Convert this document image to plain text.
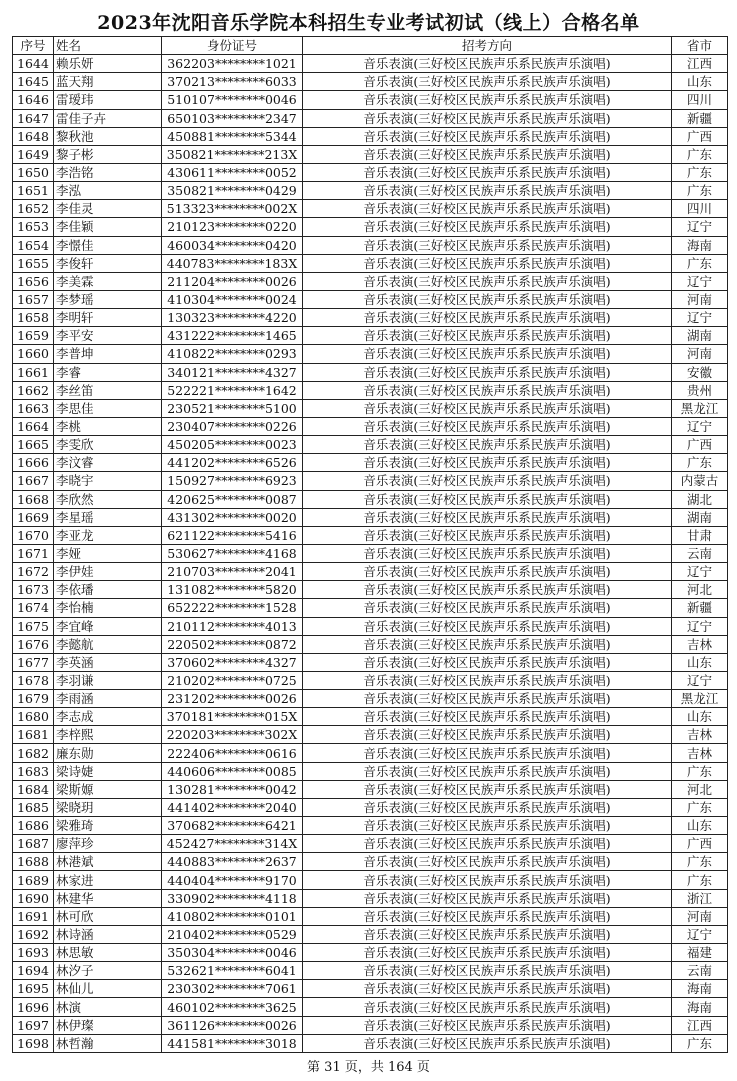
2023年沈阳音乐学院本科招生专业考试初试（线上）合格名单
序号	姓名	身份证号	招考方向	省市
1644	赖乐妍	362203********1021	音乐表演(三好校区民族声乐系民族声乐演唱)	江西
1645	蓝天翔	370213********6033	音乐表演(三好校区民族声乐系民族声乐演唱)	山东
1646	雷瑷玮	510107********0046	音乐表演(三好校区民族声乐系民族声乐演唱)	四川
1647	雷佳子卉	650103********2347	音乐表演(三好校区民族声乐系民族声乐演唱)	新疆
1648	黎秋池	450881********5344	音乐表演(三好校区民族声乐系民族声乐演唱)	广西
1649	黎子彬	350821********213X	音乐表演(三好校区民族声乐系民族声乐演唱)	广东
1650	李浩铭	430611********0052	音乐表演(三好校区民族声乐系民族声乐演唱)	广东
1651	李泓	350821********0429	音乐表演(三好校区民族声乐系民族声乐演唱)	广东
1652	李佳灵	513323********002X	音乐表演(三好校区民族声乐系民族声乐演唱)	四川
1653	李佳颖	210123********0220	音乐表演(三好校区民族声乐系民族声乐演唱)	辽宁
1654	李憬佳	460034********0420	音乐表演(三好校区民族声乐系民族声乐演唱)	海南
1655	李俊轩	440783********183X	音乐表演(三好校区民族声乐系民族声乐演唱)	广东
1656	李美霖	211204********0026	音乐表演(三好校区民族声乐系民族声乐演唱)	辽宁
1657	李梦瑶	410304********0024	音乐表演(三好校区民族声乐系民族声乐演唱)	河南
1658	李明轩	130323********4220	音乐表演(三好校区民族声乐系民族声乐演唱)	辽宁
1659	李平安	431222********1465	音乐表演(三好校区民族声乐系民族声乐演唱)	湖南
1660	李普坤	410822********0293	音乐表演(三好校区民族声乐系民族声乐演唱)	河南
1661	李睿	340121********4327	音乐表演(三好校区民族声乐系民族声乐演唱)	安徽
1662	李丝笛	522221********1642	音乐表演(三好校区民族声乐系民族声乐演唱)	贵州
1663	李思佳	230521********5100	音乐表演(三好校区民族声乐系民族声乐演唱)	黑龙江
1664	李桃	230407********0226	音乐表演(三好校区民族声乐系民族声乐演唱)	辽宁
1665	李雯欣	450205********0023	音乐表演(三好校区民族声乐系民族声乐演唱)	广西
1666	李汶睿	441202********6526	音乐表演(三好校区民族声乐系民族声乐演唱)	广东
1667	李晓宇	150927********6923	音乐表演(三好校区民族声乐系民族声乐演唱)	内蒙古
1668	李欣然	420625********0087	音乐表演(三好校区民族声乐系民族声乐演唱)	湖北
1669	李星瑶	431302********0020	音乐表演(三好校区民族声乐系民族声乐演唱)	湖南
1670	李亚龙	621122********5416	音乐表演(三好校区民族声乐系民族声乐演唱)	甘肃
1671	李娅	530627********4168	音乐表演(三好校区民族声乐系民族声乐演唱)	云南
1672	李伊娃	210703********2041	音乐表演(三好校区民族声乐系民族声乐演唱)	辽宁
1673	李依璠	131082********5820	音乐表演(三好校区民族声乐系民族声乐演唱)	河北
1674	李怡楠	652222********1528	音乐表演(三好校区民族声乐系民族声乐演唱)	新疆
1675	李宜峰	210112********4013	音乐表演(三好校区民族声乐系民族声乐演唱)	辽宁
1676	李懿航	220502********0872	音乐表演(三好校区民族声乐系民族声乐演唱)	吉林
1677	李英涵	370602********4327	音乐表演(三好校区民族声乐系民族声乐演唱)	山东
1678	李羽谦	210202********0725	音乐表演(三好校区民族声乐系民族声乐演唱)	辽宁
1679	李雨涵	231202********0026	音乐表演(三好校区民族声乐系民族声乐演唱)	黑龙江
1680	李志成	370181********015X	音乐表演(三好校区民族声乐系民族声乐演唱)	山东
1681	李梓熙	220203********302X	音乐表演(三好校区民族声乐系民族声乐演唱)	吉林
1682	廉东勋	222406********0616	音乐表演(三好校区民族声乐系民族声乐演唱)	吉林
1683	梁诗婕	440606********0085	音乐表演(三好校区民族声乐系民族声乐演唱)	广东
1684	梁斯嫄	130281********0042	音乐表演(三好校区民族声乐系民族声乐演唱)	河北
1685	梁晓玥	441402********2040	音乐表演(三好校区民族声乐系民族声乐演唱)	广东
1686	梁雅琦	370682********6421	音乐表演(三好校区民族声乐系民族声乐演唱)	山东
1687	廖萍珍	452427********314X	音乐表演(三好校区民族声乐系民族声乐演唱)	广西
1688	林港斌	440883********2637	音乐表演(三好校区民族声乐系民族声乐演唱)	广东
1689	林家进	440404********9170	音乐表演(三好校区民族声乐系民族声乐演唱)	广东
1690	林建华	330902********4118	音乐表演(三好校区民族声乐系民族声乐演唱)	浙江
1691	林可欣	410802********0101	音乐表演(三好校区民族声乐系民族声乐演唱)	河南
1692	林诗涵	210402********0529	音乐表演(三好校区民族声乐系民族声乐演唱)	辽宁
1693	林思敏	350304********0046	音乐表演(三好校区民族声乐系民族声乐演唱)	福建
1694	林汐子	532621********6041	音乐表演(三好校区民族声乐系民族声乐演唱)	云南
1695	林仙儿	230302********7061	音乐表演(三好校区民族声乐系民族声乐演唱)	海南
1696	林演	460102********3625	音乐表演(三好校区民族声乐系民族声乐演唱)	海南
1697	林伊璨	361126********0026	音乐表演(三好校区民族声乐系民族声乐演唱)	江西
1698	林哲瀚	441581********3018	音乐表演(三好校区民族声乐系民族声乐演唱)	广东
第 31 页，共 164 页
